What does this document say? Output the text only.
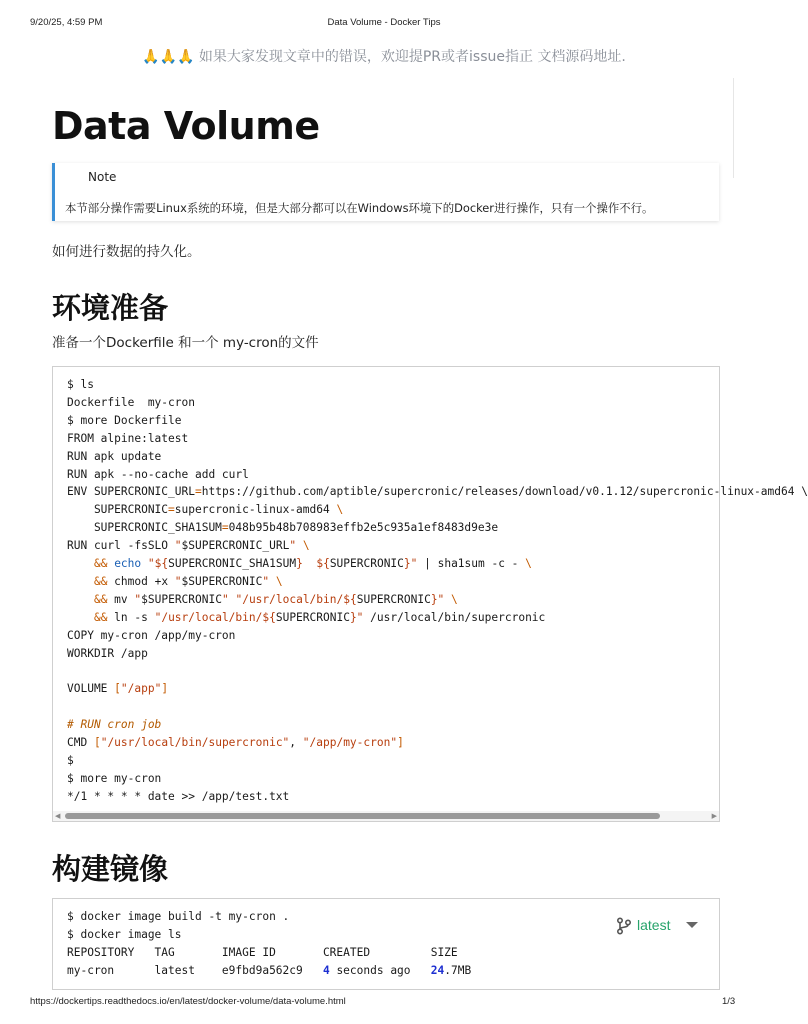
9/20/25, 4:59 PM	Data Volume - Docker Tips
🙏🙏🙏 如果大家发现文章中的错误，欢迎提PR或者issue指正 文档源码地址.
Data Volume
Note
本节部分操作需要Linux系统的环境，但是大部分都可以在Windows环境下的Docker进行操作，只有一个操作不行。
如何进行数据的持久化。
环境准备
准备一个Dockerfile 和一个 my-cron的文件
$ ls
Dockerfile  my-cron
$ more Dockerfile
FROM alpine:latest
RUN apk update
RUN apk --no-cache add curl
ENV SUPERCRONIC_URL=https://github.com/aptible/supercronic/releases/download/v0.1.12/supercronic-linux-amd64 \
SUPERCRONIC=supercronic-linux-amd64 \
SUPERCRONIC_SHA1SUM=048b95b48b708983effb2e5c935a1ef8483d9e3e
RUN curl -fsSLO "$SUPERCRONIC_URL" \
&& echo "${SUPERCRONIC_SHA1SUM} ${SUPERCRONIC}" | sha1sum -c - \
&& chmod +x "$SUPERCRONIC" \
&& mv "$SUPERCRONIC" "/usr/local/bin/${SUPERCRONIC}" \
&& ln -s "/usr/local/bin/${SUPERCRONIC}" /usr/local/bin/supercronic
COPY my-cron /app/my-cron
WORKDIR /app

VOLUME ["/app"]

# RUN cron job
CMD ["/usr/local/bin/supercronic", "/app/my-cron"]
$
$ more my-cron
*/1 * * * * date >> /app/test.txt
◀	▶
构建镜像
$ docker image build -t my-cron .
$ docker image ls
REPOSITORY   TAG       IMAGE ID       CREATED         SIZE
my-cron      latest    e9fbd9a562c9   4 seconds ago   24.7MB
latest
https://dockertips.readthedocs.io/en/latest/docker-volume/data-volume.html	1/3
